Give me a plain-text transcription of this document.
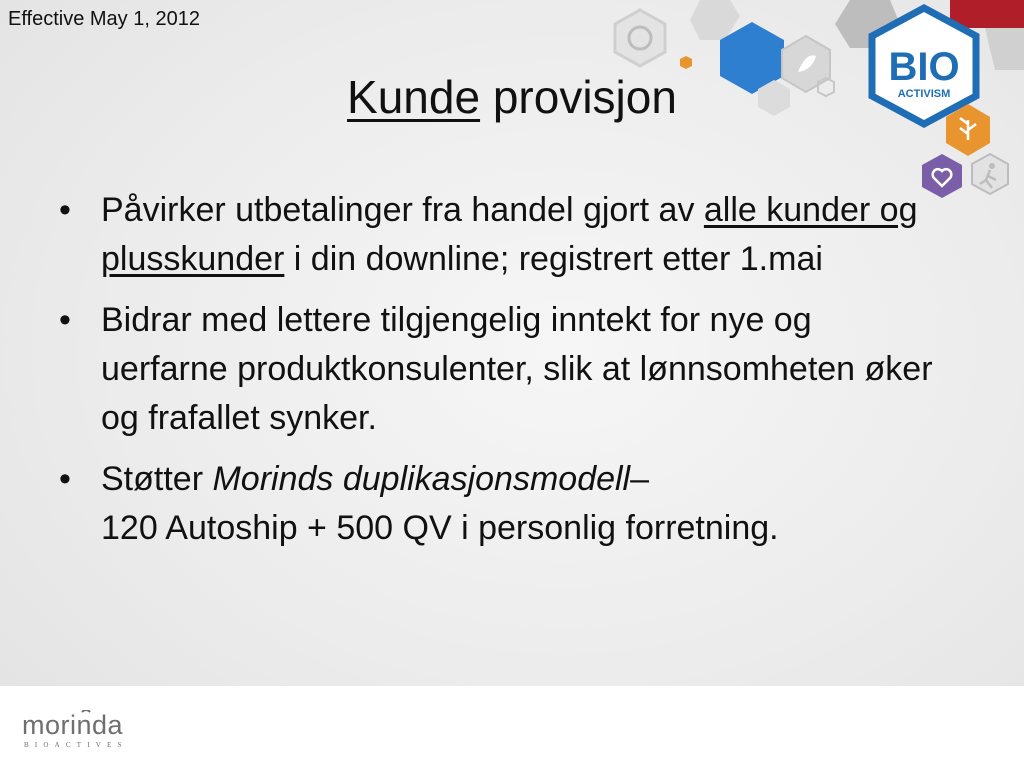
BIO
ACTIVISM
Effective May 1, 2012
Kunde provisjon
• Påvirker utbetalinger fra handel gjort av alle kunder og plusskunder i din downline; registrert etter 1.mai
• Bidrar med lettere tilgjengelig inntekt for nye og uerfarne produktkonsulenter, slik at lønnsomheten øker og frafallet synker.
• Støtter Morinds duplikasjonsmodell–
120 Autoship + 500 QV i personlig forretning.
morinda
BIOACTIVES
